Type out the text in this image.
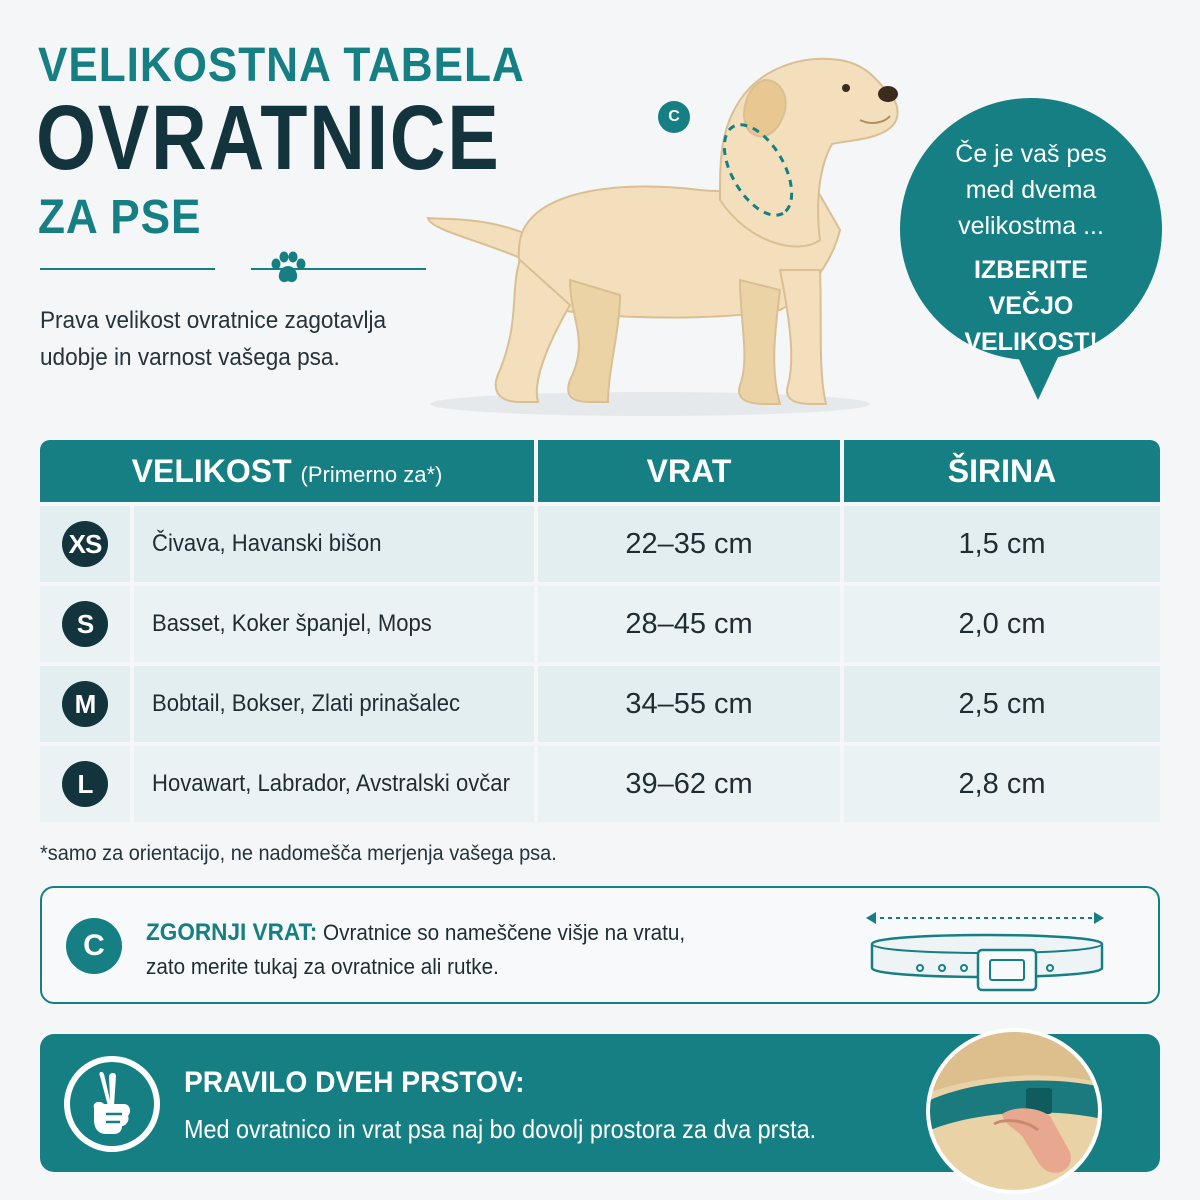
VELIKOSTNA TABELA
OVRATNICE
ZA PSE
Prava velikost ovratnice zagotavlja udobje in varnost vašega psa.
C
Če je vaš pes med dvema velikostma ...
IZBERITE VEČJO VELIKOST!
VELIKOST (Primerno za*)	VRAT	ŠIRINA
XS Čivava, Havanski bišon	22–35 cm	1,5 cm
S	Basset, Koker španjel, Mops	28–45 cm	2,0 cm
M	Bobtail, Bokser, Zlati prinašalec	34–55 cm	2,5 cm
L	Hovawart, Labrador, Avstralski ovčar	39–62 cm	2,8 cm
*samo za orientacijo, ne nadomešča merjenja vašega psa.
C	ZGORNJI VRAT: Ovratnice so nameščene višje na vratu,
zato merite tukaj za ovratnice ali rutke.
PRAVILO DVEH PRSTOV:
Med ovratnico in vrat psa naj bo dovolj prostora za dva prsta.
